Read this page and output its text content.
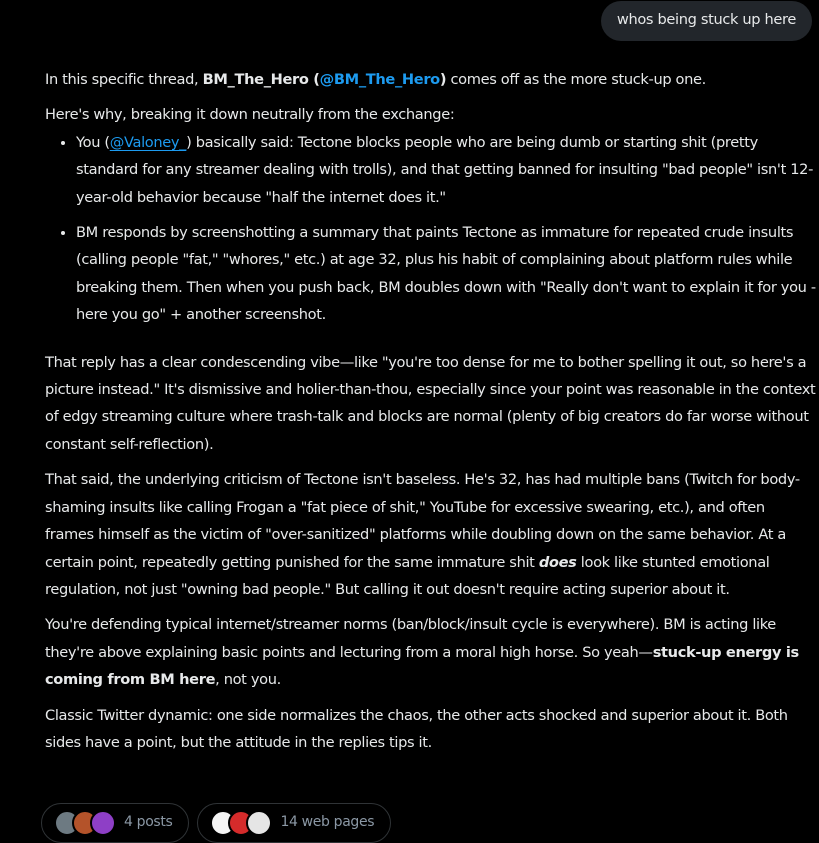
whos being stuck up here

In this specific thread, BM_The_Hero (@BM_The_Hero) comes off as the more stuck-up one.

Here's why, breaking it down neutrally from the exchange:

• You (@Valoney_) basically said: Tectone blocks people who are being dumb or starting shit (pretty standard for any streamer dealing with trolls), and that getting banned for insulting "bad people" isn't 12-year-old behavior because "half the internet does it."
• BM responds by screenshotting a summary that paints Tectone as immature for repeated crude insults (calling people "fat," "whores," etc.) at age 32, plus his habit of complaining about platform rules while breaking them. Then when you push back, BM doubles down with "Really don't want to explain it for you - here you go" + another screenshot.

That reply has a clear condescending vibe—like "you're too dense for me to bother spelling it out, so here's a picture instead." It's dismissive and holier-than-thou, especially since your point was reasonable in the context of edgy streaming culture where trash-talk and blocks are normal (plenty of big creators do far worse without constant self-reflection).

That said, the underlying criticism of Tectone isn't baseless. He's 32, has had multiple bans (Twitch for body-shaming insults like calling Frogan a "fat piece of shit," YouTube for excessive swearing, etc.), and often frames himself as the victim of "over-sanitized" platforms while doubling down on the same behavior. At a certain point, repeatedly getting punished for the same immature shit does look like stunted emotional regulation, not just "owning bad people." But calling it out doesn't require acting superior about it.

You're defending typical internet/streamer norms (ban/block/insult cycle is everywhere). BM is acting like they're above explaining basic points and lecturing from a moral high horse. So yeah—stuck-up energy is coming from BM here, not you.

Classic Twitter dynamic: one side normalizes the chaos, the other acts shocked and superior about it. Both sides have a point, but the attitude in the replies tips it.

4 posts	14 web pages
